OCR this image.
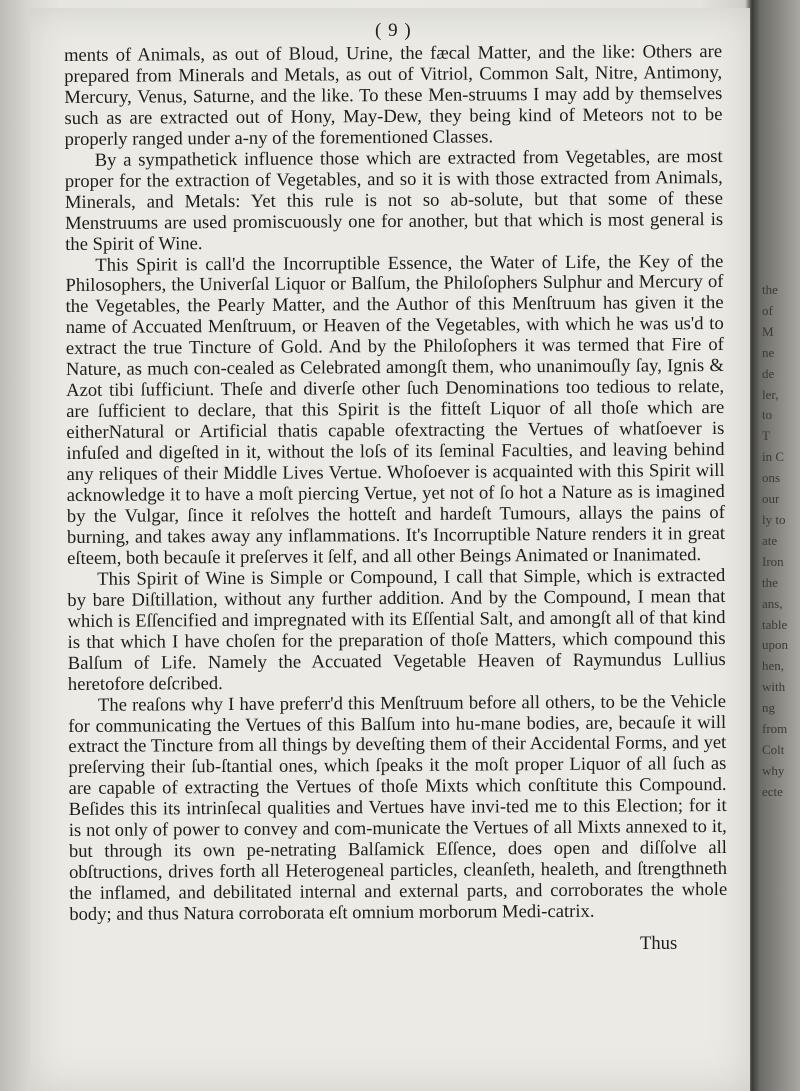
( 9 )

ments of Animals, as out of Bloud, Urine, the fæcal Matter, and the like: Others are prepared from Minerals and Metals, as out of Vitriol, Common Salt, Nitre, Antimony, Mercury, Venus, Saturne, and the like. To these Men-struums I may add by themselves such as are extracted out of Hony, May-Dew, they being kind of Meteors not to be properly ranged under a-ny of the forementioned Classes.

By a sympathetick influence those which are extracted from Vegetables, are most proper for the extraction of Vegetables, and so it is with those extracted from Animals, Minerals, and Metals: Yet this rule is not so ab-solute, but that some of these Menstruums are used promiscuously one for another, but that which is most general is the Spirit of Wine.

This Spirit is call'd the Incorruptible Essence, the Water of Life, the Key of the Philosophers, the Univerſal Liquor or Balſum, the Philoſophers Sulphur and Mercury of the Vegetables, the Pearly Matter, and the Author of this Menſtruum has given it the name of Accuated Menſtruum, or Heaven of the Vegetables, with which he was us'd to extract the true Tincture of Gold. And by the Philoſophers it was termed that Fire of Nature, as much con-cealed as Celebrated amongſt them, who unanimouſly ſay, Ignis & Azot tibi ſufficiunt. Theſe and diverſe other ſuch Denominations too tedious to relate, are ſufficient to declare, that this Spirit is the fitteſt Liquor of all thoſe which are eitherNatural or Artificial thatis capable ofextracting the Vertues of whatſoever is infuſed and digeſted in it, without the loſs of its ſeminal Faculties, and leaving behind any reliques of their Middle Lives Vertue. Whoſoever is acquainted with this Spirit will acknowledge it to have a moſt piercing Vertue, yet not of ſo hot a Nature as is imagined by the Vulgar, ſince it reſolves the hotteſt and hardeſt Tumours, allays the pains of burning, and takes away any inflammations. It's Incorruptible Nature renders it in great eſteem, both becauſe it preſerves it ſelf, and all other Beings Animated or Inanimated.

This Spirit of Wine is Simple or Compound, I call that Simple, which is extracted by bare Diſtillation, without any further addition. And by the Compound, I mean that which is Eſſencified and impregnated with its Eſſential Salt, and amongſt all of that kind is that which I have choſen for the preparation of thoſe Matters, which compound this Balſum of Life. Namely the Accuated Vegetable Heaven of Raymundus Lullius heretofore deſcribed.

The reaſons why I have preferr'd this Menſtruum before all others, to be the Vehicle for communicating the Vertues of this Balſum into hu-mane bodies, are, becauſe it will extract the Tincture from all things by deveſting them of their Accidental Forms, and yet preſerving their ſub-ſtantial ones, which ſpeaks it the moſt proper Liquor of all ſuch as are capable of extracting the Vertues of thoſe Mixts which conſtitute this Compound. Beſides this its intrinſecal qualities and Vertues have invi-ted me to this Election; for it is not only of power to convey and com-municate the Vertues of all Mixts annexed to it, but through its own pe-netrating Balſamick Eſſence, does open and diſſolve all obſtructions, drives forth all Heterogeneal particles, cleanſeth, healeth, and ſtrengthneth the inflamed, and debilitated internal and external parts, and corroborates the whole body; and thus Natura corroborata eſt omnium morborum Medi-catrix.

Thus
the
of
M
ne
de
ler,
to
T
in C
ons
our
ly to
ate
Iron
the
ans,
table
upon
hen,
with
ng
from
Colt
why
ecte
